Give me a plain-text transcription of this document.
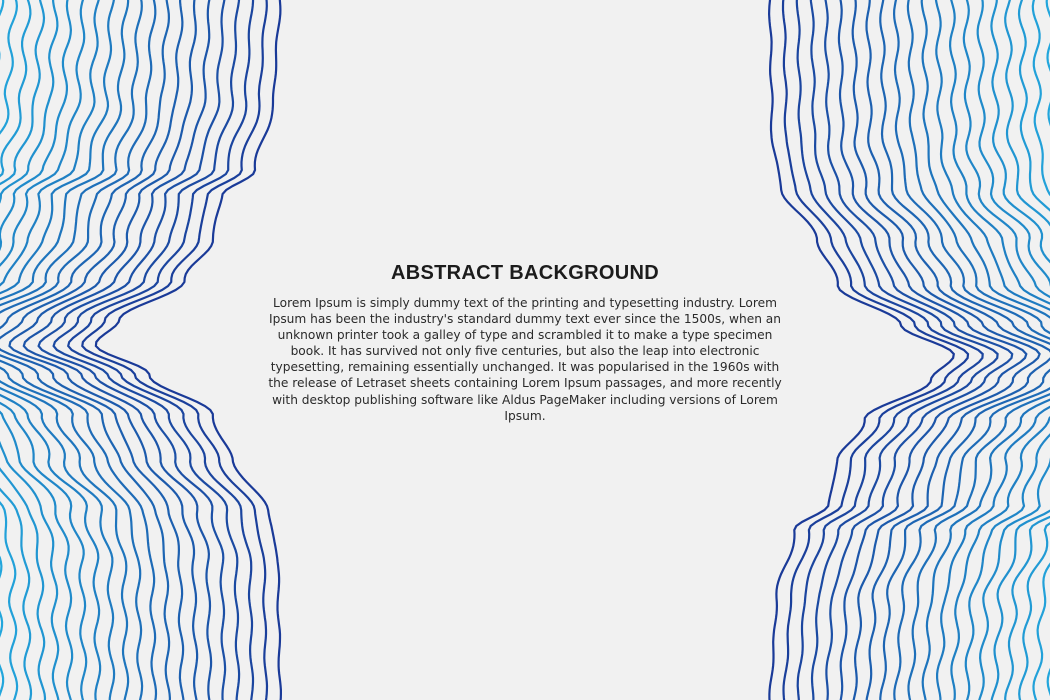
ABSTRACT BACKGROUND
Lorem Ipsum is simply dummy text of the printing and typesetting industry. Lorem
Ipsum has been the industry's standard dummy text ever since the 1500s, when an
unknown printer took a galley of type and scrambled it to make a type specimen
book. It has survived not only five centuries, but also the leap into electronic
typesetting, remaining essentially unchanged. It was popularised in the 1960s with
the release of Letraset sheets containing Lorem Ipsum passages, and more recently
with desktop publishing software like Aldus PageMaker including versions of Lorem
Ipsum.
